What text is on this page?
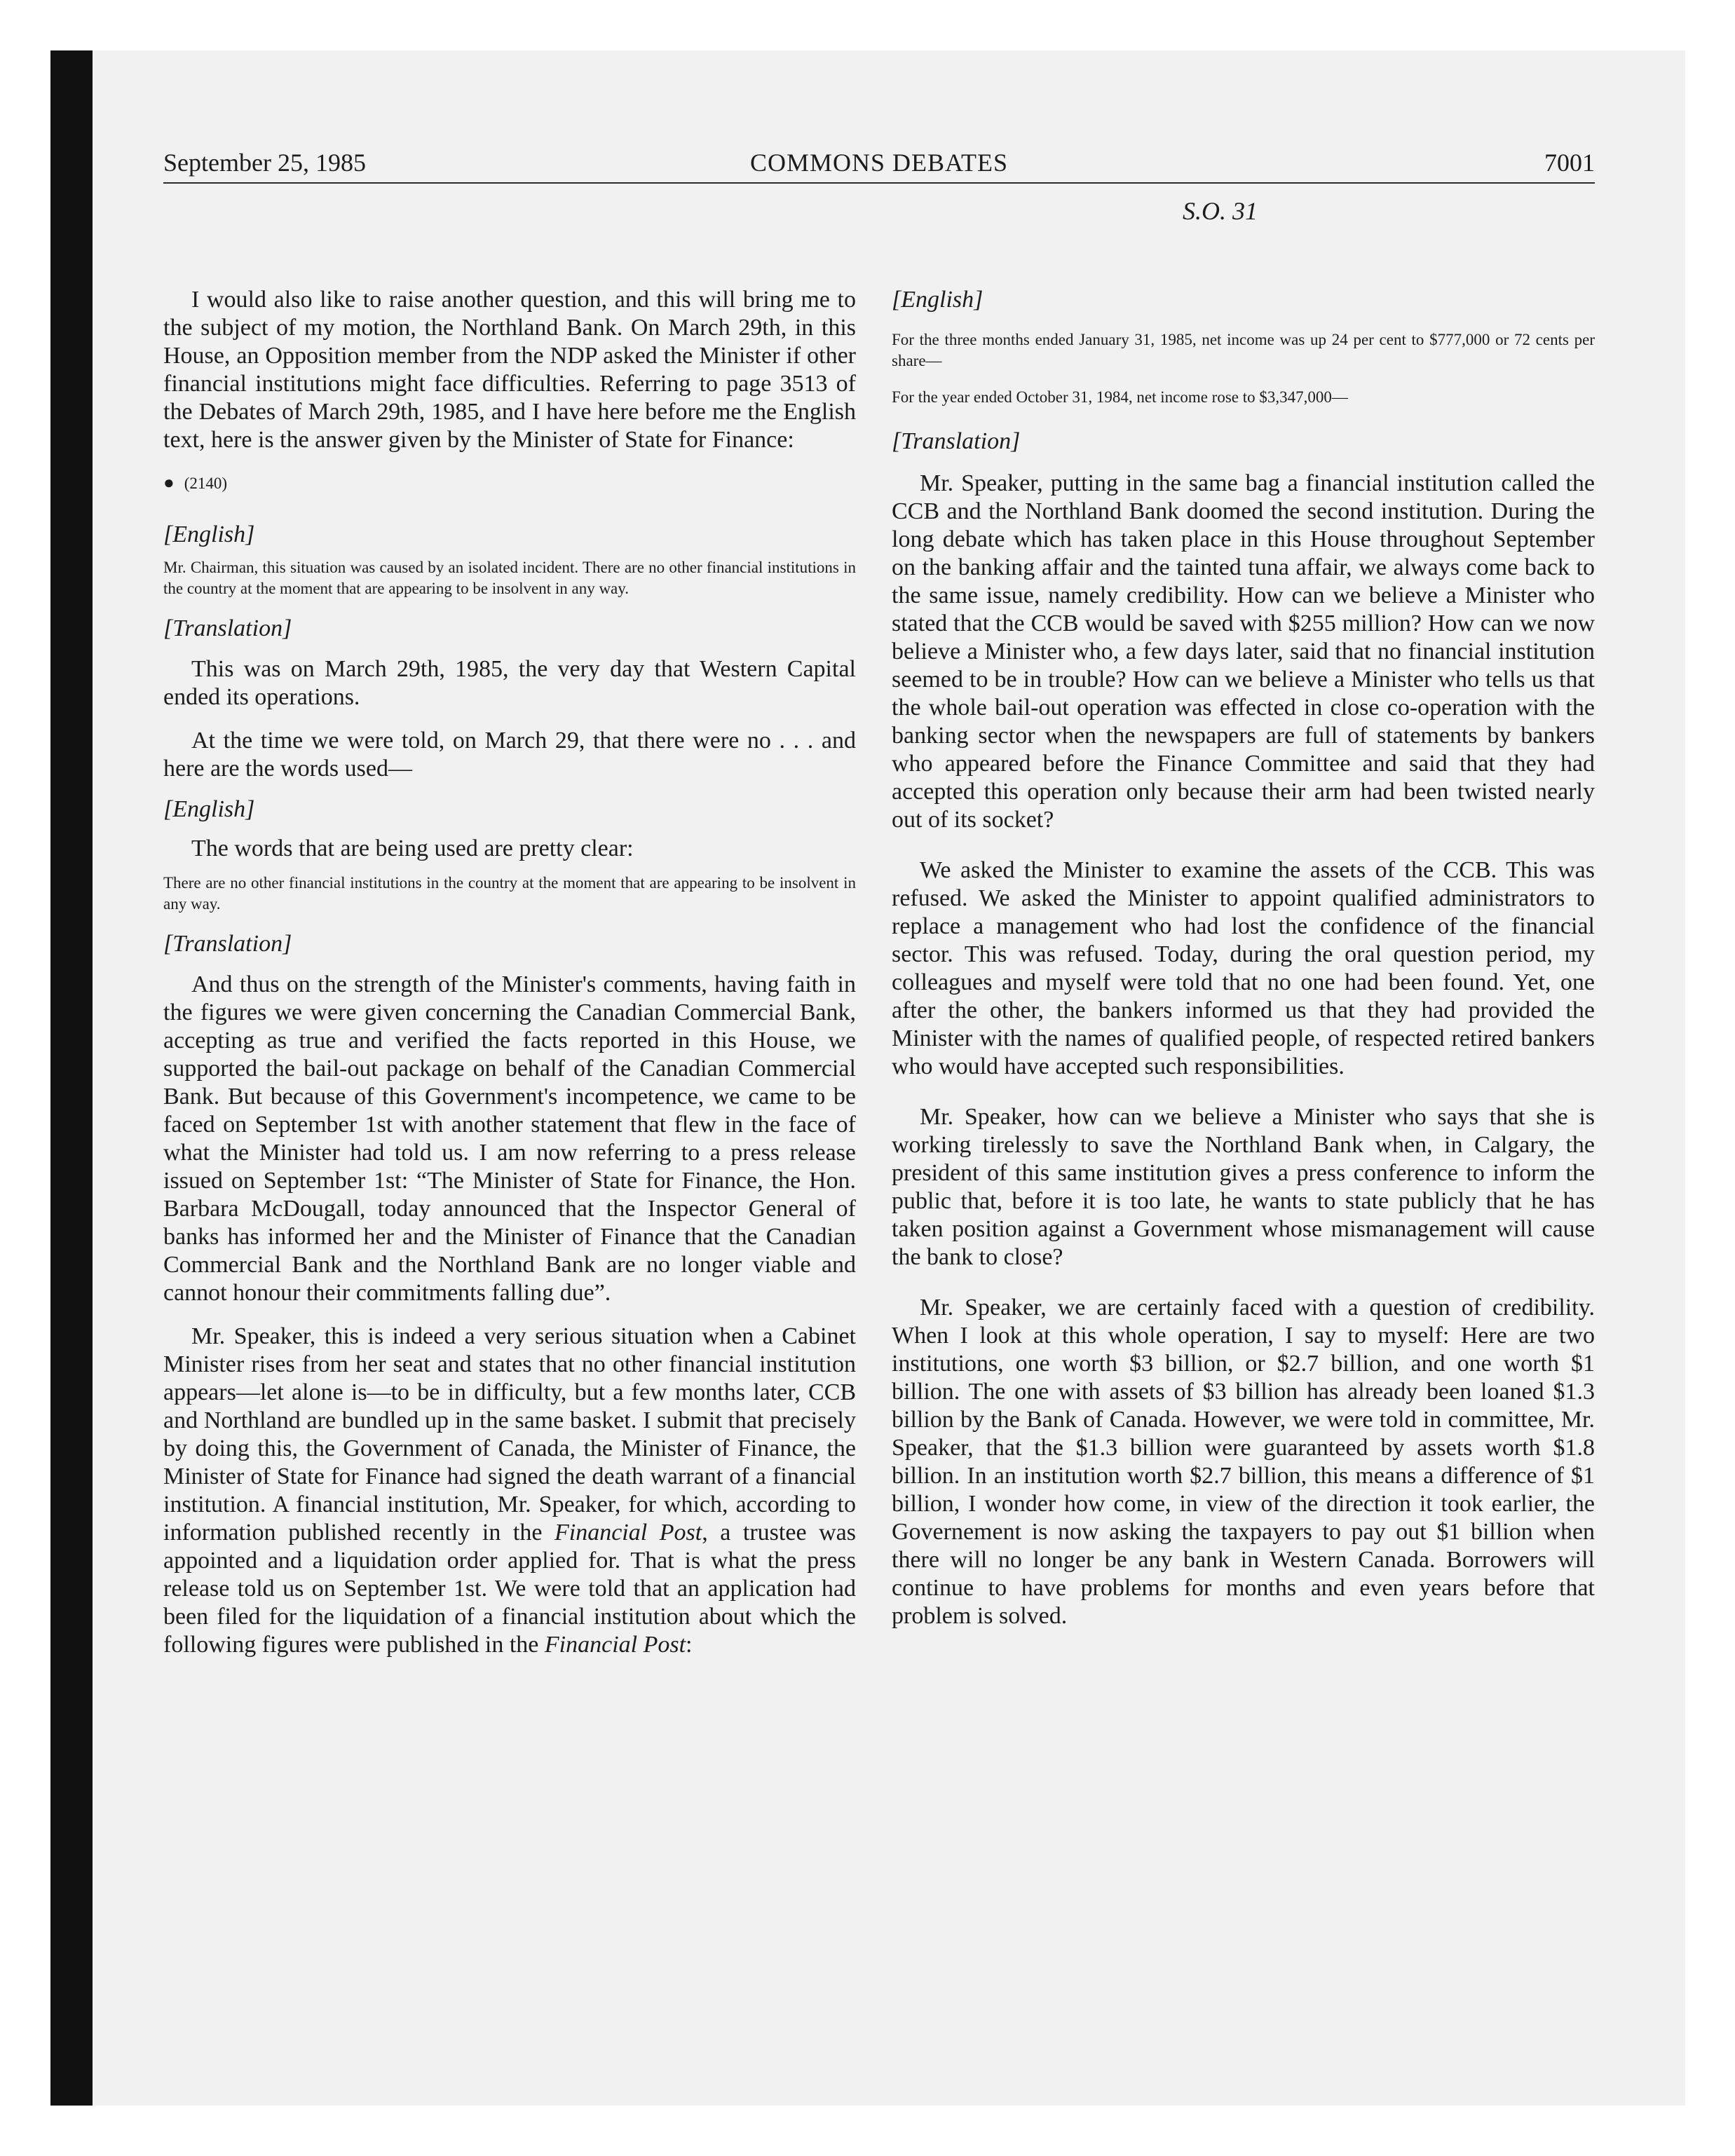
September 25, 1985	COMMONS DEBATES	7001
S.O. 31

I would also like to raise another question, and this will bring me to the subject of my motion, the Northland Bank. On March 29th, in this House, an Opposition member from the NDP asked the Minister if other financial institutions might face difficulties. Referring to page 3513 of the Debates of March 29th, 1985, and I have here before me the English text, here is the answer given by the Minister of State for Finance:

● (2140)

[English]

Mr. Chairman, this situation was caused by an isolated incident. There are no other financial institutions in the country at the moment that are appearing to be insolvent in any way.

[Translation]

This was on March 29th, 1985, the very day that Western Capital ended its operations.

At the time we were told, on March 29, that there were no . . . and here are the words used—

[English]

The words that are being used are pretty clear:

There are no other financial institutions in the country at the moment that are appearing to be insolvent in any way.

[Translation]

And thus on the strength of the Minister's comments, having faith in the figures we were given concerning the Canadian Commercial Bank, accepting as true and verified the facts reported in this House, we supported the bail-out package on behalf of the Canadian Commercial Bank. But because of this Government's incompetence, we came to be faced on September 1st with another statement that flew in the face of what the Minister had told us. I am now referring to a press release issued on September 1st: “The Minister of State for Finance, the Hon. Barbara McDougall, today announced that the Inspector General of banks has informed her and the Minister of Finance that the Canadian Commercial Bank and the Northland Bank are no longer viable and cannot honour their commitments falling due”.

Mr. Speaker, this is indeed a very serious situation when a Cabinet Minister rises from her seat and states that no other financial institution appears—let alone is—to be in difficulty, but a few months later, CCB and Northland are bundled up in the same basket. I submit that precisely by doing this, the Government of Canada, the Minister of Finance, the Minister of State for Finance had signed the death warrant of a financial institution. A financial institution, Mr. Speaker, for which, according to information published recently in the Financial Post, a trustee was appointed and a liquidation order applied for. That is what the press release told us on September 1st. We were told that an application had been filed for the liquidation of a financial institution about which the following figures were published in the Financial Post:

[English]

For the three months ended January 31, 1985, net income was up 24 per cent to $777,000 or 72 cents per share—

For the year ended October 31, 1984, net income rose to $3,347,000—

[Translation]

Mr. Speaker, putting in the same bag a financial institution called the CCB and the Northland Bank doomed the second institution. During the long debate which has taken place in this House throughout September on the banking affair and the tainted tuna affair, we always come back to the same issue, namely credibility. How can we believe a Minister who stated that the CCB would be saved with $255 million? How can we now believe a Minister who, a few days later, said that no financial institution seemed to be in trouble? How can we believe a Minister who tells us that the whole bail-out operation was effected in close co-operation with the banking sector when the newspapers are full of statements by bankers who appeared before the Finance Committee and said that they had accepted this operation only because their arm had been twisted nearly out of its socket?

We asked the Minister to examine the assets of the CCB. This was refused. We asked the Minister to appoint qualified administrators to replace a management who had lost the confidence of the financial sector. This was refused. Today, during the oral question period, my colleagues and myself were told that no one had been found. Yet, one after the other, the bankers informed us that they had provided the Minister with the names of qualified people, of respected retired bankers who would have accepted such responsibilities.

Mr. Speaker, how can we believe a Minister who says that she is working tirelessly to save the Northland Bank when, in Calgary, the president of this same institution gives a press conference to inform the public that, before it is too late, he wants to state publicly that he has taken position against a Government whose mismanagement will cause the bank to close?

Mr. Speaker, we are certainly faced with a question of credibility. When I look at this whole operation, I say to myself: Here are two institutions, one worth $3 billion, or $2.7 billion, and one worth $1 billion. The one with assets of $3 billion has already been loaned $1.3 billion by the Bank of Canada. However, we were told in committee, Mr. Speaker, that the $1.3 billion were guaranteed by assets worth $1.8 billion. In an institution worth $2.7 billion, this means a difference of $1 billion, I wonder how come, in view of the direction it took earlier, the Governement is now asking the taxpayers to pay out $1 billion when there will no longer be any bank in Western Canada. Borrowers will continue to have problems for months and even years before that problem is solved.
